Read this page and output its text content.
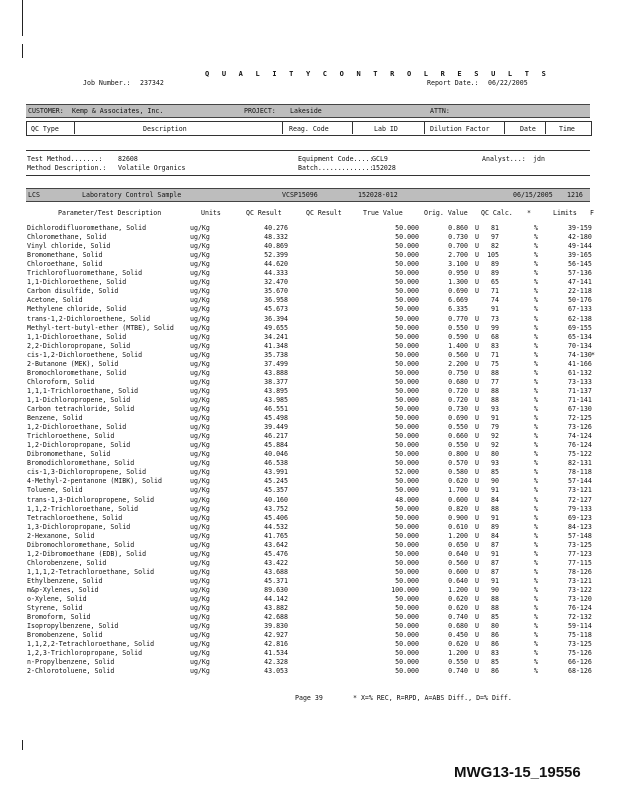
Q U A L I T Y C O N T R O L R E S U L T S
Job Number.: 237342	Report Date.: 06/22/2005
CUSTOMER: Kemp & Associates, Inc.	PROJECT: Lakeside	ATTN:
QC Type	Description	Reag. Code	Lab ID	Dilution Factor	Date	Time
Test Method.......: 82608
Method Description.: Volatile Organics
Equipment Code....:
GCL9
Batch.............:
152028
Analyst...: jdn
LCS	Laboratory Control Sample	VCSP15096	152028-012	06/15/2005 1216
Parameter/Test Description	Units	QC Result	QC Result	True Value	Orig. Value QC Calc. *	Limits F
Dichlorodifluoromethane, Solid	ug/Kg	40.276	50.000	0.860 U	81	%	39-159
Chloromethane, Solid	ug/Kg	48.332	50.000	0.730 U	97	%	42-180
Vinyl chloride, Solid	ug/Kg	40.869	50.000	0.700 U	82	%	49-144
Bromomethane, Solid	ug/Kg	52.399	50.000	2.700 U	105	%	39-165
Chloroethane, Solid	ug/Kg	44.620	50.000	3.100 U	89	%	56-145
Trichlorofluoromethane, Solid	ug/Kg	44.333	50.000	0.950 U	89	%	57-136
1,1-Dichloroethene, Solid	ug/Kg	32.470	50.000	1.300 U	65	%	47-141
Carbon disulfide, Solid	ug/Kg	35.670	50.000	0.690 U	71	%	22-118
Acetone, Solid	ug/Kg	36.958	50.000	6.669	74	%	50-176
Methylene chloride, Solid	ug/Kg	45.673	50.000	6.335	91	%	67-133
trans-1,2-Dichloroethene, Solid	ug/Kg	36.394	50.000	0.770 U	73	%	62-138
Methyl-tert-butyl-ether (MTBE), Solid ug/Kg	49.655	50.000	0.550 U	99	%	69-155
1,1-Dichloroethane, Solid	ug/Kg	34.241	50.000	0.590 U	68	%	65-134
2,2-Dichloropropane, Solid	ug/Kg	41.348	50.000	1.400 U	83	%	70-134
cis-1,2-Dichloroethene, Solid	ug/Kg	35.738	50.000	0.560 U	71	%	74-130 *
2-Butanone (MEK), Solid	ug/Kg	37.499	50.000	2.200 U	75	%	41-166
Bromochloromethane, Solid	ug/Kg	43.888	50.000	0.750 U	88	%	61-132
Chloroform, Solid	ug/Kg	38.377	50.000	0.680 U	77	%	73-133
1,1,1-Trichloroethane, Solid	ug/Kg	43.895	50.000	0.720 U	88	%	71-137
1,1-Dichloropropene, Solid	ug/Kg	43.985	50.000	0.720 U	88	%	71-141
Carbon tetrachloride, Solid	ug/Kg	46.551	50.000	0.730 U	93	%	67-130
Benzene, Solid	ug/Kg	45.498	50.000	0.690 U	91	%	72-125
1,2-Dichloroethane, Solid	ug/Kg	39.449	50.000	0.550 U	79	%	73-126
Trichloroethene, Solid	ug/Kg	46.217	50.000	0.660 U	92	%	74-124
1,2-Dichloropropane, Solid	ug/Kg	45.884	50.000	0.550 U	92	%	76-124
Dibromomethane, Solid	ug/Kg	40.046	50.000	0.800 U	80	%	75-122
Bromodichloromethane, Solid	ug/Kg	46.538	50.000	0.570 U	93	%	82-131
cis-1,3-Dichloropropene, Solid	ug/Kg	43.991	52.000	0.580 U	85	%	78-118
4-Methyl-2-pentanone (MIBK), Solid	ug/Kg	45.245	50.000	0.620 U	90	%	57-144
Toluene, Solid	ug/Kg	45.357	50.000	1.700 U	91	%	73-121
trans-1,3-Dichloropropene, Solid	ug/Kg	40.160	48.000	0.600 U	84	%	72-127
1,1,2-Trichloroethane, Solid	ug/Kg	43.752	50.000	0.820 U	88	%	79-133
Tetrachloroethene, Solid	ug/Kg	45.406	50.000	0.900 U	91	%	69-123
1,3-Dichloropropane, Solid	ug/Kg	44.532	50.000	0.610 U	89	%	84-123
2-Hexanone, Solid	ug/Kg	41.765	50.000	1.200 U	84	%	57-148
Dibromochloromethane, Solid	ug/Kg	43.642	50.000	0.650 U	87	%	73-125
1,2-Dibromoethane (EDB), Solid	ug/Kg	45.476	50.000	0.640 U	91	%	77-123
Chlorobenzene, Solid	ug/Kg	43.422	50.000	0.560 U	87	%	77-115
1,1,1,2-Tetrachloroethane, Solid	ug/Kg	43.688	50.000	0.600 U	87	%	78-126
Ethylbenzene, Solid	ug/Kg	45.371	50.000	0.640 U	91	%	73-121
m&p-Xylenes, Solid	ug/Kg	89.630	100.000	1.200 U	90	%	73-122
o-Xylene, Solid	ug/Kg	44.142	50.000	0.620 U	88	%	73-120
Styrene, Solid	ug/Kg	43.882	50.000	0.620 U	88	%	76-124
Bromoform, Solid	ug/Kg	42.688	50.000	0.740 U	85	%	72-132
Isopropylbenzene, Solid	ug/Kg	39.830	50.000	0.680 U	80	%	59-114
Bromobenzene, Solid	ug/Kg	42.927	50.000	0.450 U	86	%	75-118
1,1,2,2-Tetrachloroethane, Solid	ug/Kg	42.816	50.000	0.620 U	86	%	73-125
1,2,3-Trichloropropane, Solid	ug/Kg	41.534	50.000	1.200 U	83	%	75-126
n-Propylbenzene, Solid	ug/Kg	42.328	50.000	0.550 U	85	%	66-126
2-Chlorotoluene, Solid	ug/Kg	43.053	50.000	0.740 U	86	%	68-126
Page 39	* X=% REC, R=RPD, A=ABS Diff., D=% Diff.
MWG13-15_19556
